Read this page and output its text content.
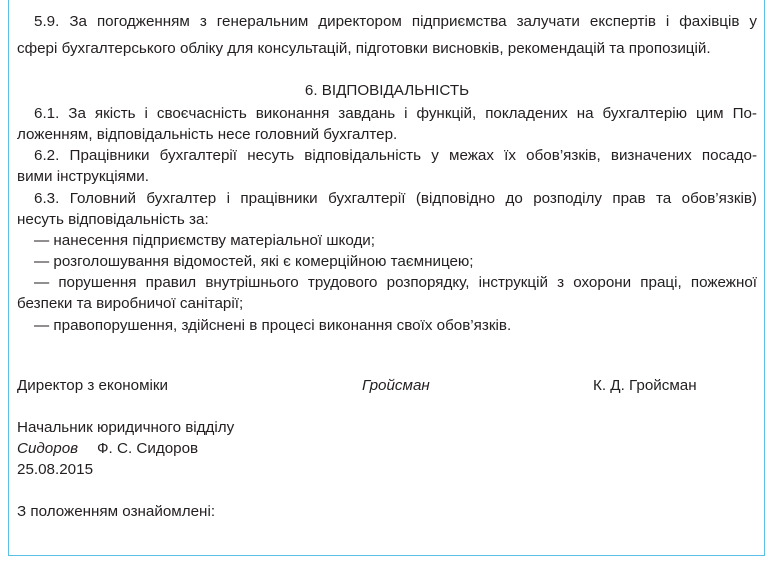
5.9. За погодженням з генеральним директором підприємства залучати експертів і фахівців у
сфері бухгалтерського обліку для консультацій, підготовки висновків, рекомендацій та пропозицій.
6. ВІДПОВІДАЛЬНІСТЬ
6.1. За якість і своєчасність виконання завдань і функцій, покладених на бухгалтерію цим По-
ложенням, відповідальність несе головний бухгалтер.
6.2. Працівники бухгалтерії несуть відповідальність у межах їх обов’язків, визначених посадо-
вими інструкціями.
6.3. Головний бухгалтер і працівники бухгалтерії (відповідно до розподілу прав та обов’язків)
несуть відповідальність за:
— нанесення підприємству матеріальної шкоди;
— розголошування відомостей, які є комерційною таємницею;
— порушення правил внутрішнього трудового розпорядку, інструкцій з охорони праці, пожежної
безпеки та виробничої санітарії;
— правопорушення, здійснені в процесі виконання своїх обов’язків.
Директор з економіки	Гройсман	К. Д. Гройсман
Начальник юридичного відділу
Сидоров Ф. С. Сидоров
25.08.2015
З положенням ознайомлені:
